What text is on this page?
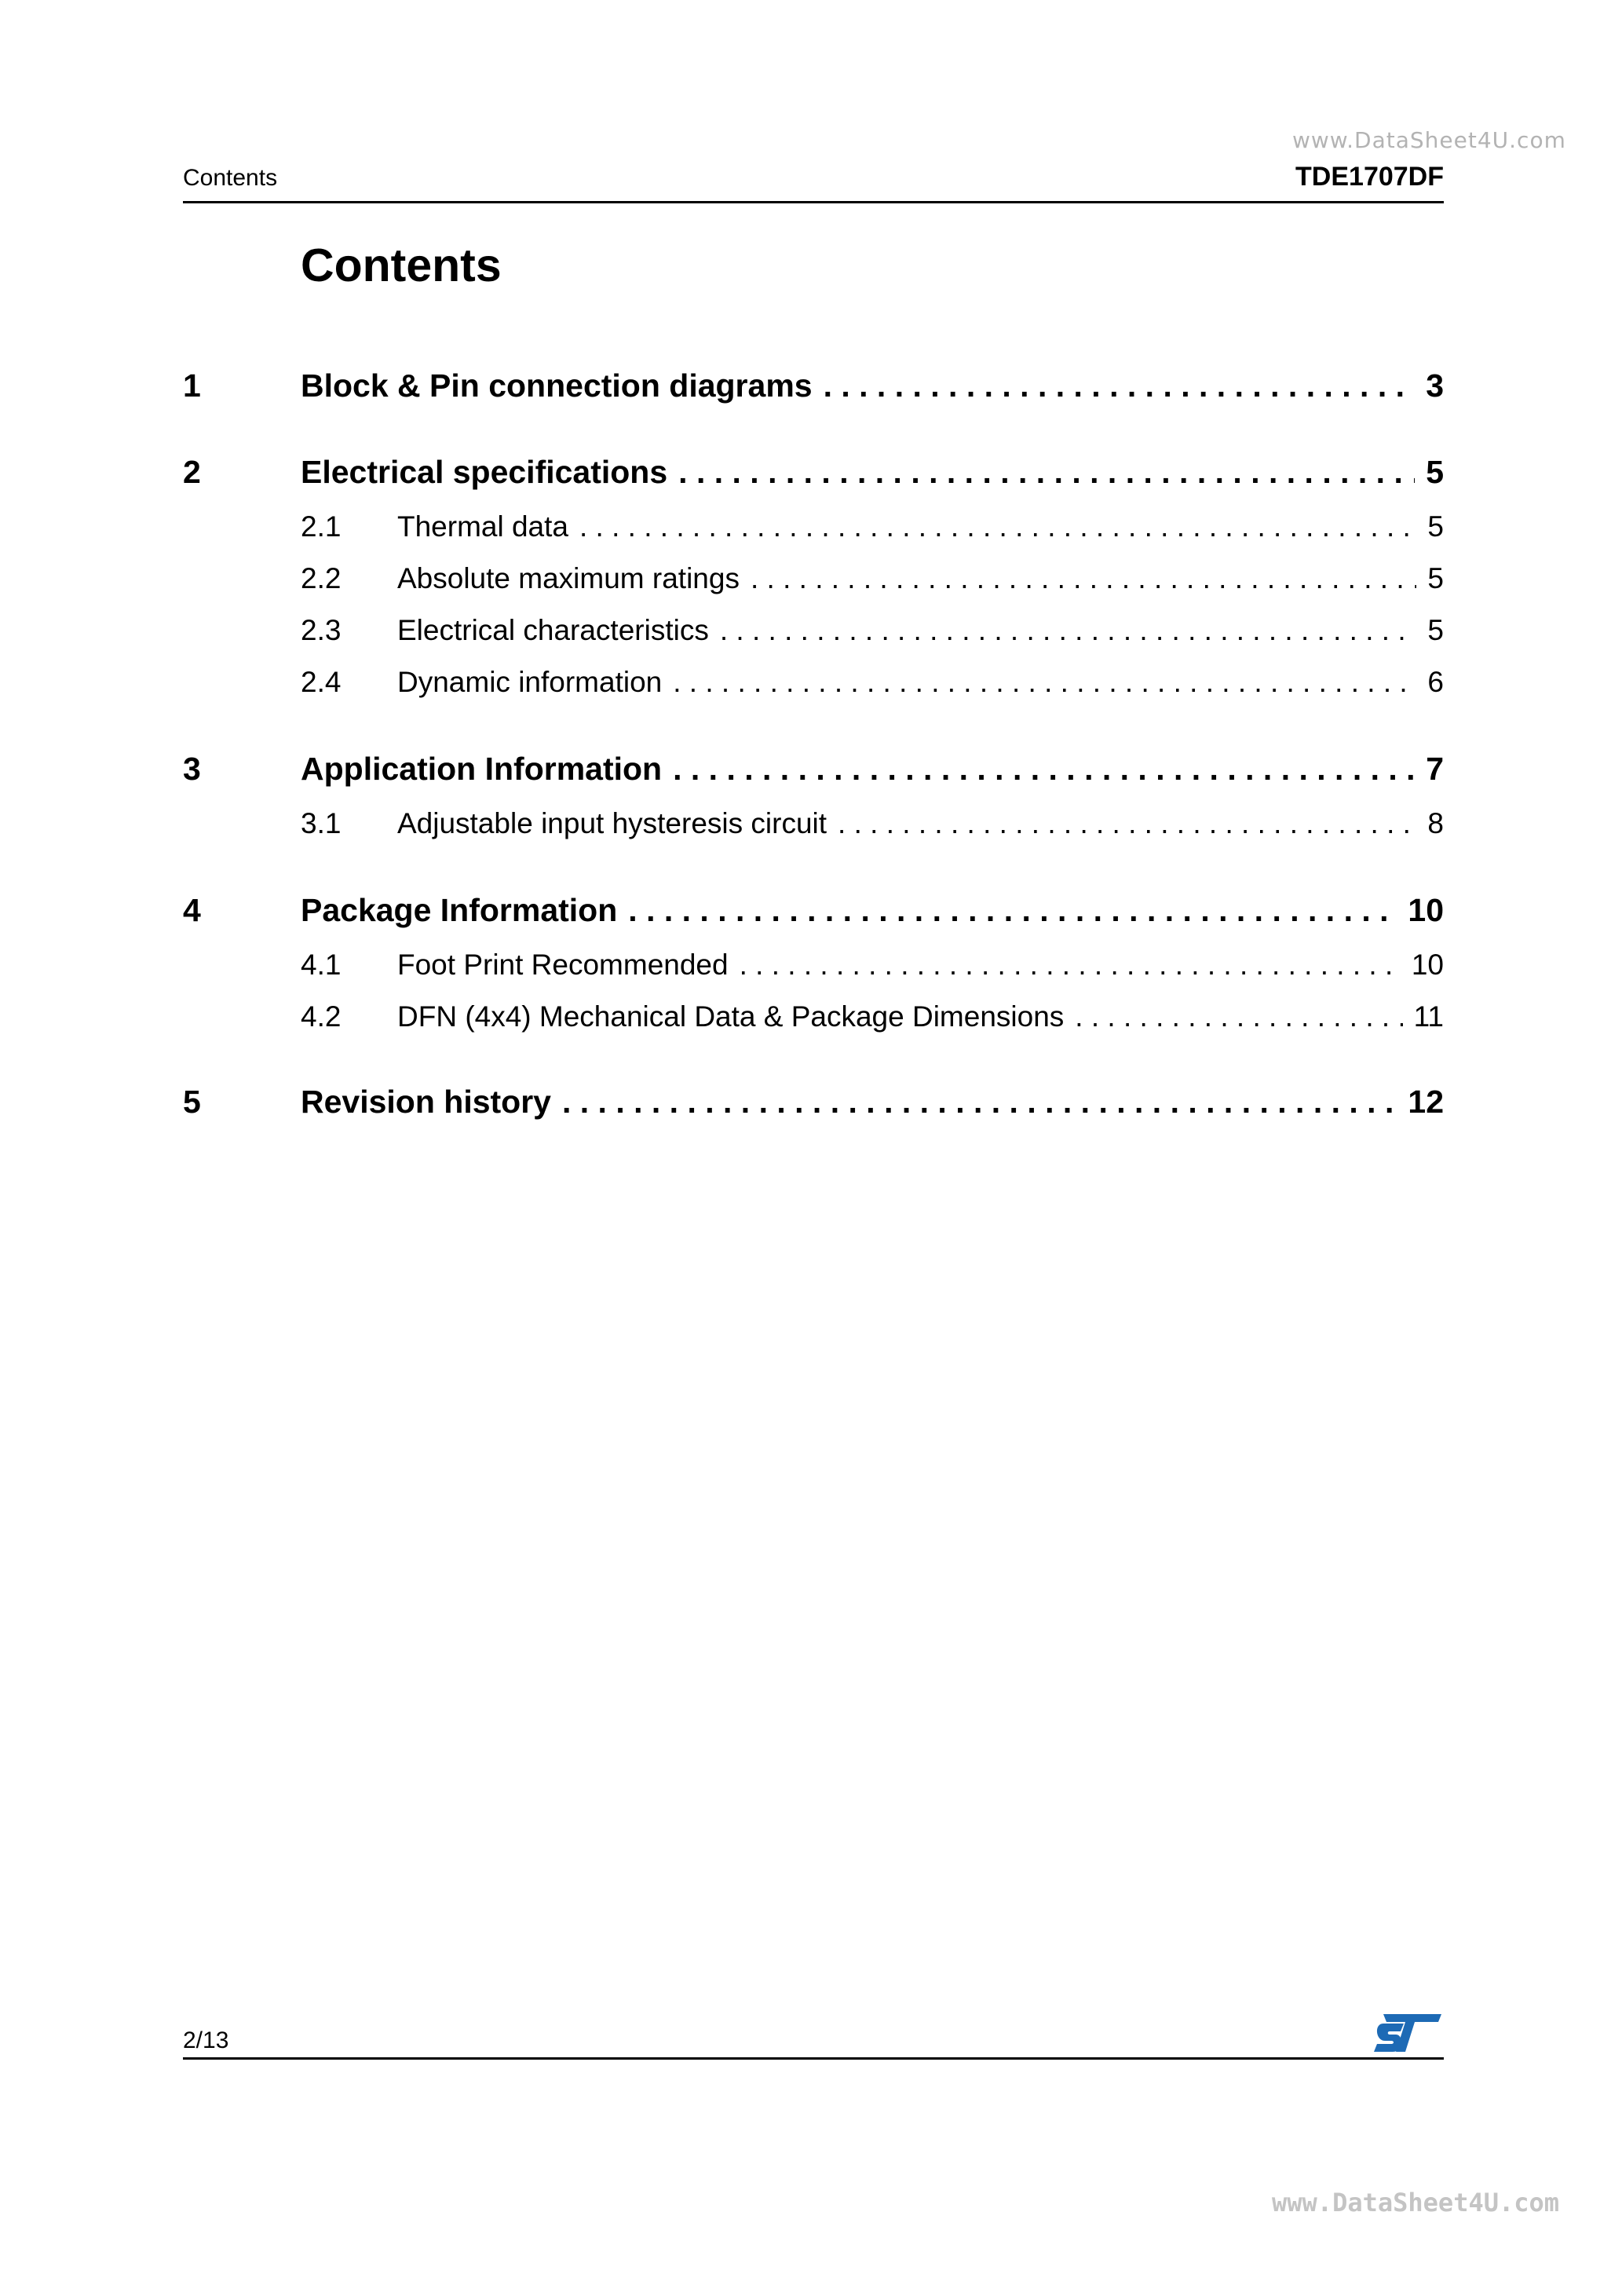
www.DataSheet4U.com
Contents	TDE1707DF
Contents
1	Block & Pin connection diagrams . . .	3
2	Electrical specifications . . .	5
2.1 Thermal data . . .	5
2.2 Absolute maximum ratings . . .	5
2.3 Electrical characteristics . . .	5
2.4 Dynamic information . . .	6
3	Application Information . . .	7
3.1 Adjustable input hysteresis circuit . . .	8
4	Package Information . . .	10
4.1 Foot Print Recommended . . .	10
4.2 DFN (4x4) Mechanical Data & Package Dimensions . . .	11
5	Revision history . . .	12
2/13
www.DataSheet4U.com
